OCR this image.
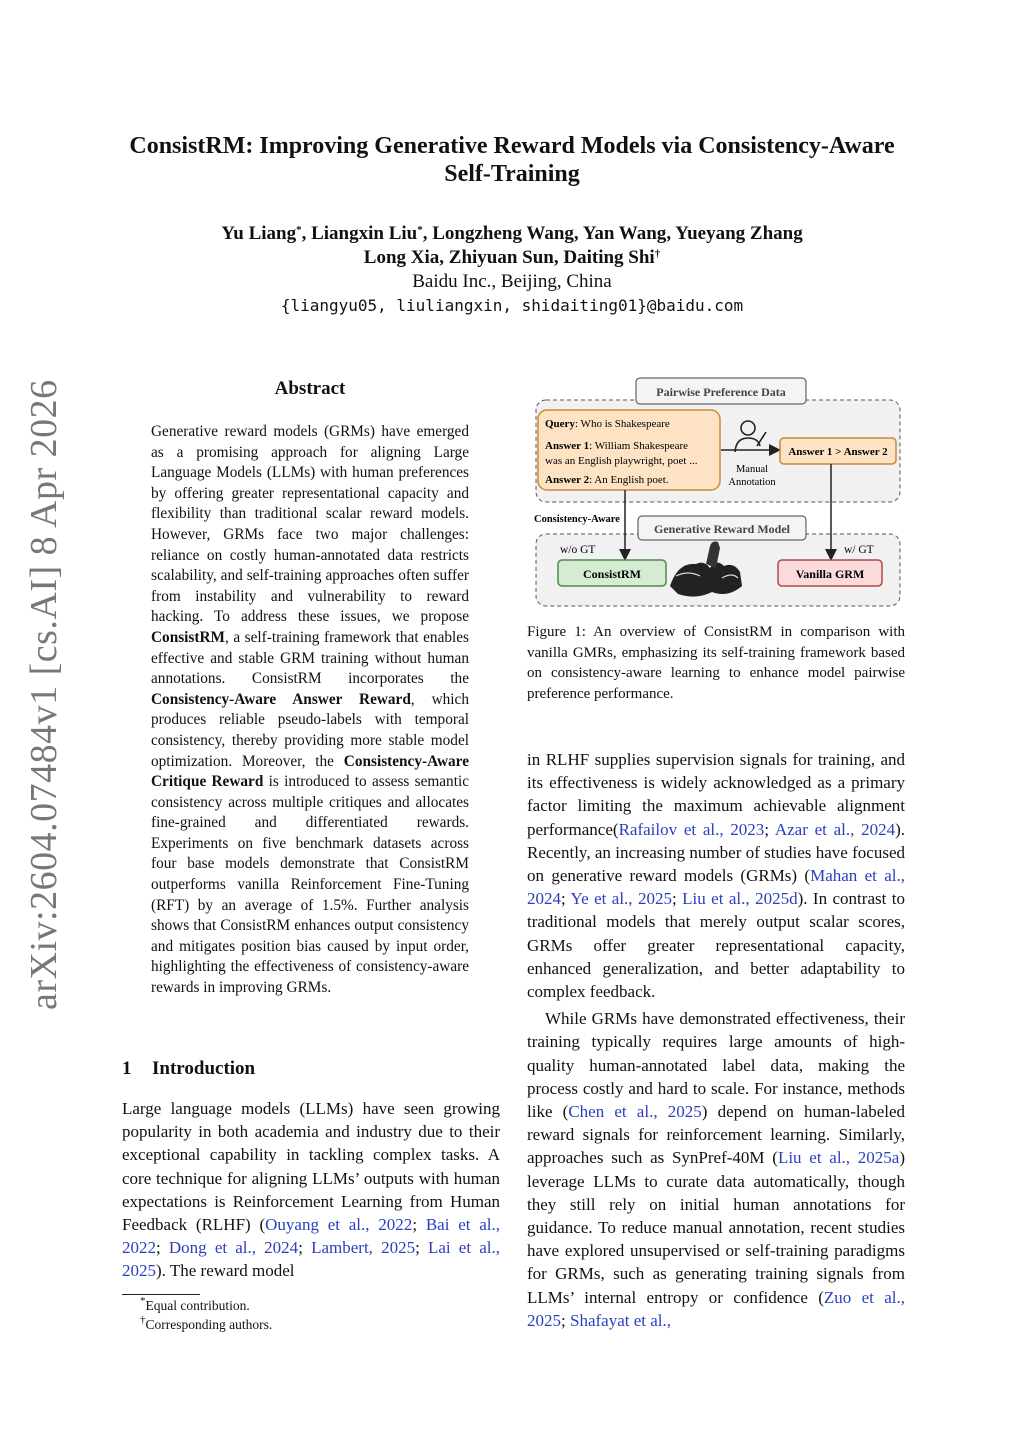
arXiv:2604.07484v1 [cs.AI] 8 Apr 2026
ConsistRM: Improving Generative Reward Models via Consistency-Aware
Self-Training
Yu Liang*, Liangxin Liu*, Longzheng Wang, Yan Wang, Yueyang Zhang
Long Xia, Zhiyuan Sun, Daiting Shi†
Baidu Inc., Beijing, China
{liangyu05, liuliangxin, shidaiting01}@baidu.com
Abstract

Generative reward models (GRMs) have emerged as a promising approach for aligning Large Language Models (LLMs) with human preferences by offering greater representational capacity and flexibility than traditional scalar reward models. However, GRMs face two major challenges: reliance on costly human-annotated data restricts scalability, and self-training approaches often suffer from instability and vulnerability to reward hacking. To address these issues, we propose ConsistRM, a self-training framework that enables effective and stable GRM training without human annotations. ConsistRM incorporates the Consistency-Aware Answer Reward, which produces reliable pseudo-labels with temporal consistency, thereby providing more stable model optimization. Moreover, the Consistency-Aware Critique Reward is introduced to assess semantic consistency across multiple critiques and allocates fine-grained and differentiated rewards. Experiments on five benchmark datasets across four base models demonstrate that ConsistRM outperforms vanilla Reinforcement Fine-Tuning (RFT) by an average of 1.5%. Further analysis shows that ConsistRM enhances output consistency and mitigates position bias caused by input order, highlighting the effectiveness of consistency-aware rewards in improving GRMs.

1 Introduction

Large language models (LLMs) have seen growing popularity in both academia and industry due to their exceptional capability in tackling complex tasks. A core technique for aligning LLMs’ outputs with human expectations is Reinforcement Learning from Human Feedback (RLHF) (Ouyang et al., 2022; Bai et al., 2022; Dong et al., 2024; Lambert, 2025; Lai et al., 2025). The reward model

*Equal contribution.
†Corresponding authors.
Pairwise Preference Data
Query: Who is Shakespeare
Answer 1: William Shakespeare
was an English playwright, poet ...
Answer 2: An English poet.
Manual
Annotation
Answer 1 > Answer 2
Consistency-Aware
Generative Reward Model
w/o GT	w/ GT
ConsistRM	Vanilla GRM

Figure 1: An overview of ConsistRM in comparison with vanilla GMRs, emphasizing its self-training framework based on consistency-aware learning to enhance model pairwise preference performance.

in RLHF supplies supervision signals for training, and its effectiveness is widely acknowledged as a primary factor limiting the maximum achievable alignment performance(Rafailov et al., 2023; Azar et al., 2024). Recently, an increasing number of studies have focused on generative reward models (GRMs) (Mahan et al., 2024; Ye et al., 2025; Liu et al., 2025d). In contrast to traditional models that merely output scalar scores, GRMs offer greater representational capacity, enhanced generalization, and better adaptability to complex feedback.

While GRMs have demonstrated effectiveness, their training typically requires large amounts of high-quality human-annotated label data, making the process costly and hard to scale. For instance, methods like (Chen et al., 2025) depend on human-labeled reward signals for reinforcement learning. Similarly, approaches such as SynPref-40M (Liu et al., 2025a) leverage LLMs to curate data automatically, though they still rely on initial human annotations for guidance. To reduce manual annotation, recent studies have explored unsupervised or self-training paradigms for GRMs, such as generating training signals from LLMs’ internal entropy or confidence (Zuo et al., 2025; Shafayat et al.,
